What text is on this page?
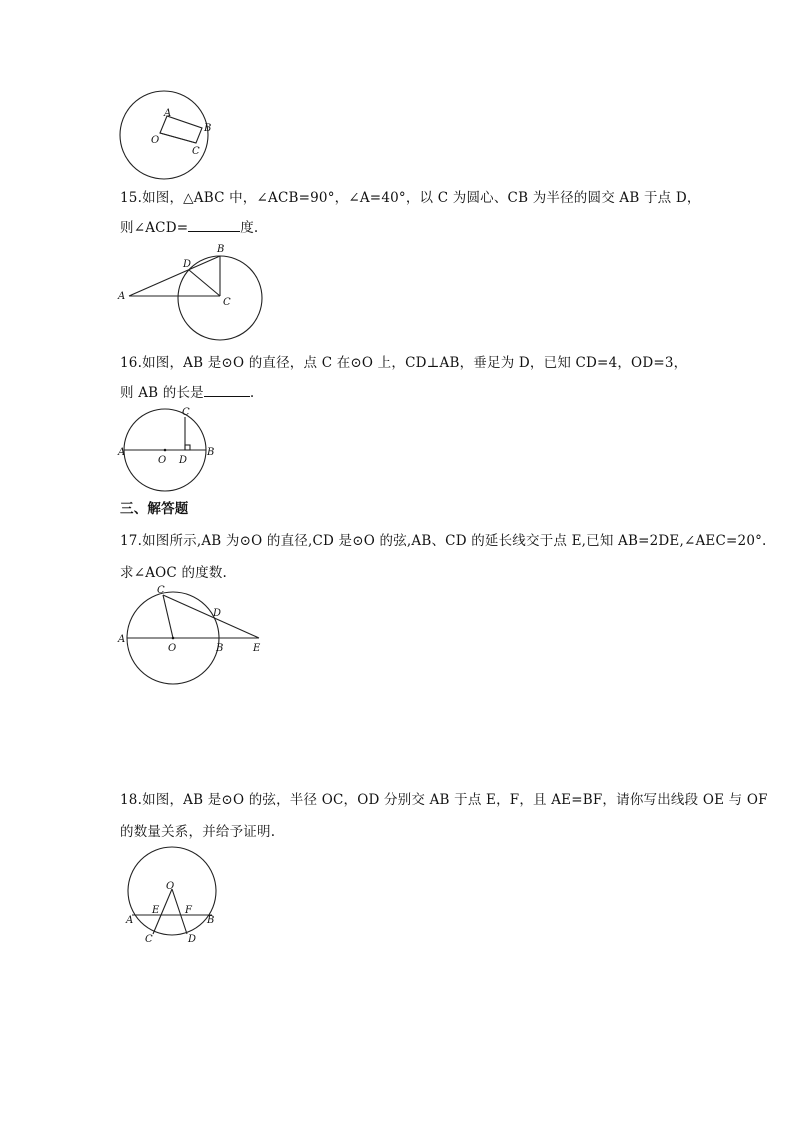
A
B
O
C
15.如图，△ABC 中，∠ACB=90°，∠A=40°，以 C 为圆心、CB 为半径的圆交 AB 于点 D，
则∠ACD=	度.
A
B
C
D
16.如图，AB 是⊙O 的直径，点 C 在⊙O 上，CD⊥AB，垂足为 D，已知 CD=4，OD=3，
则 AB 的长是	.
A	B
C
D
O
三、解答题
17.如图所示,AB 为⊙O 的直径,CD 是⊙O 的弦,AB、CD 的延长线交于点 E,已知 AB=2DE,∠AEC=20°.
求∠AOC 的度数.
A
B
C
D
E
O
18.如图，AB 是⊙O 的弦，半径 OC，OD 分别交 AB 于点 E，F，且 AE=BF，请你写出线段 OE 与 OF
的数量关系，并给予证明.
O
A	B
E	F
C	D
